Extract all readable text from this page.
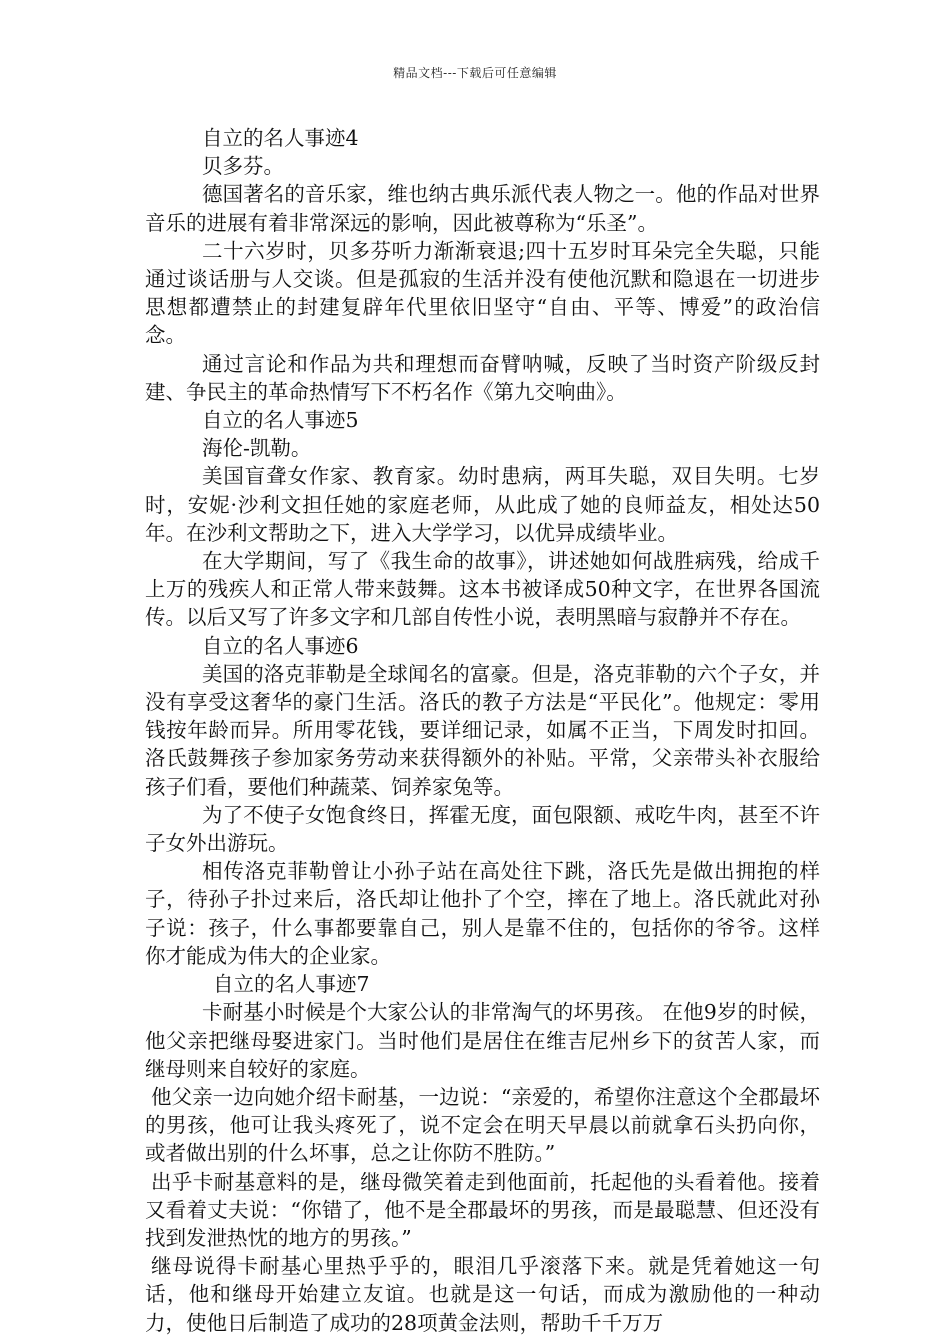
精品文档---下载后可任意编辑

自立的名人事迹4

贝多芬。

德国著名的音乐家，维也纳古典乐派代表人物之一。他的作品对世界音乐的进展有着非常深远的影响，因此被尊称为“乐圣”。

二十六岁时，贝多芬听力渐渐衰退;四十五岁时耳朵完全失聪，只能通过谈话册与人交谈。但是孤寂的生活并没有使他沉默和隐退在一切进步思想都遭禁止的封建复辟年代里依旧坚守“自由、平等、博爱”的政治信念。

通过言论和作品为共和理想而奋臂呐喊，反映了当时资产阶级反封建、争民主的革命热情写下不朽名作《第九交响曲》。

自立的名人事迹5

海伦-凯勒。

美国盲聋女作家、教育家。幼时患病，两耳失聪，双目失明。七岁时，安妮·沙利文担任她的家庭老师，从此成了她的良师益友，相处达50年。在沙利文帮助之下，进入大学学习，以优异成绩毕业。

在大学期间，写了《我生命的故事》，讲述她如何战胜病残，给成千上万的残疾人和正常人带来鼓舞。这本书被译成50种文字，在世界各国流传。以后又写了许多文字和几部自传性小说，表明黑暗与寂静并不存在。

自立的名人事迹6

美国的洛克菲勒是全球闻名的富豪。但是，洛克菲勒的六个子女，并没有享受这奢华的豪门生活。洛氏的教子方法是“平民化”。他规定：零用钱按年龄而异。所用零花钱，要详细记录，如属不正当，下周发时扣回。洛氏鼓舞孩子参加家务劳动来获得额外的补贴。平常，父亲带头补衣服给孩子们看，要他们种蔬菜、饲养家兔等。

为了不使子女饱食终日，挥霍无度，面包限额、戒吃牛肉，甚至不许子女外出游玩。

相传洛克菲勒曾让小孙子站在高处往下跳，洛氏先是做出拥抱的样子，待孙子扑过来后，洛氏却让他扑了个空，摔在了地上。洛氏就此对孙子说：孩子，什么事都要靠自己，别人是靠不住的，包括你的爷爷。这样你才能成为伟大的企业家。

自立的名人事迹7

卡耐基小时候是个大家公认的非常淘气的坏男孩。 在他9岁的时候，他父亲把继母娶进家门。当时他们是居住在维吉尼州乡下的贫苦人家，而继母则来自较好的家庭。

他父亲一边向她介绍卡耐基，一边说：“亲爱的，希望你注意这个全郡最坏的男孩，他可让我头疼死了，说不定会在明天早晨以前就拿石头扔向你，或者做出别的什么坏事，总之让你防不胜防。”

出乎卡耐基意料的是，继母微笑着走到他面前，托起他的头看着他。接着又看着丈夫说：“你错了，他不是全郡最坏的男孩，而是最聪慧、但还没有找到发泄热忱的地方的男孩。”

继母说得卡耐基心里热乎乎的，眼泪几乎滚落下来。就是凭着她这一句话，他和继母开始建立友谊。也就是这一句话，而成为激励他的一种动力，使他日后制造了成功的28项黄金法则，帮助千千万万
